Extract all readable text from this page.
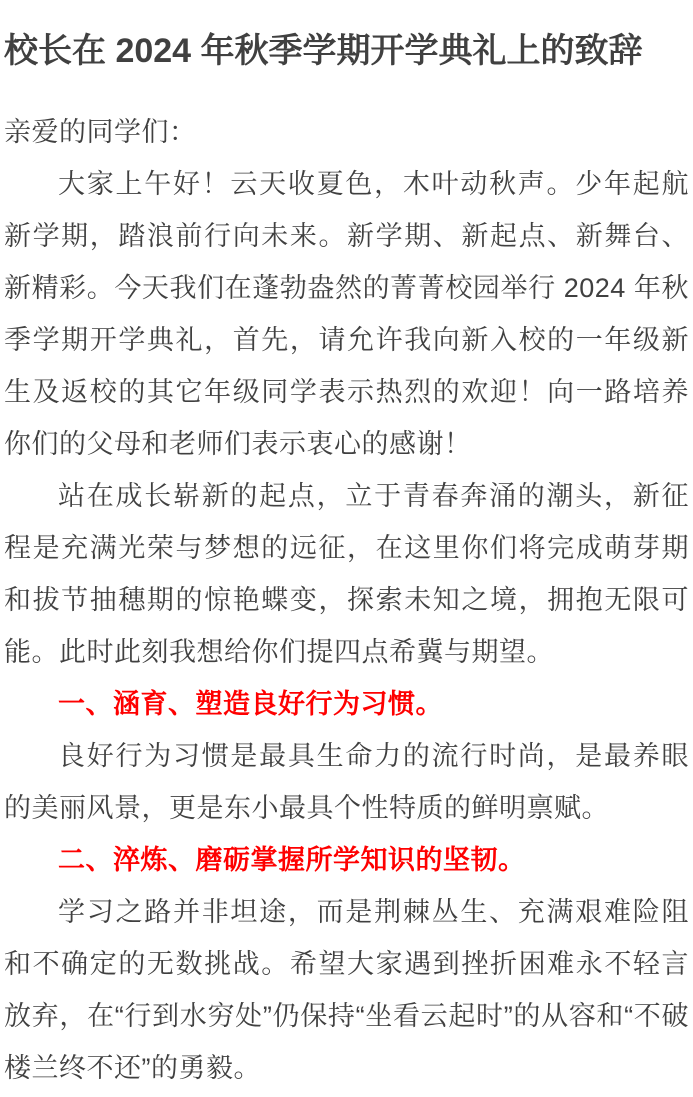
校长在 2024 年秋季学期开学典礼上的致辞

亲爱的同学们：

大家上午好！云天收夏色，木叶动秋声。少年起航新学期，踏浪前行向未来。新学期、新起点、新舞台、新精彩。今天我们在蓬勃盎然的菁菁校园举行 2024 年秋季学期开学典礼，首先，请允许我向新入校的一年级新生及返校的其它年级同学表示热烈的欢迎！向一路培养你们的父母和老师们表示衷心的感谢！

站在成长崭新的起点，立于青春奔涌的潮头，新征程是充满光荣与梦想的远征，在这里你们将完成萌芽期和拔节抽穗期的惊艳蝶变，探索未知之境，拥抱无限可能。此时此刻我想给你们提四点希冀与期望。

一、涵育、塑造良好行为习惯。

良好行为习惯是最具生命力的流行时尚，是最养眼的美丽风景，更是东小最具个性特质的鲜明禀赋。

二、淬炼、磨砺掌握所学知识的坚韧。

学习之路并非坦途，而是荆棘丛生、充满艰难险阻和不确定的无数挑战。希望大家遇到挫折困难永不轻言放弃，在“行到水穷处”仍保持“坐看云起时”的从容和“不破楼兰终不还”的勇毅。
